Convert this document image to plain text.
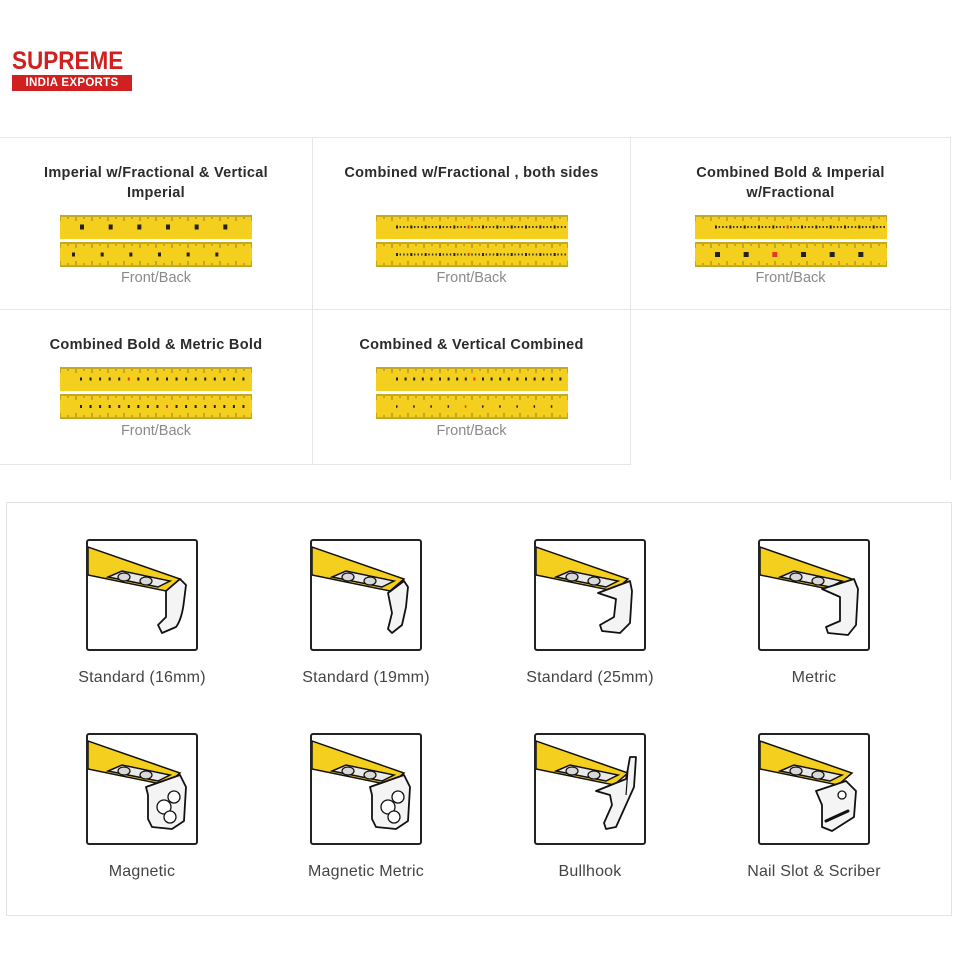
SUPREME
INDIA EXPORTS
Imperial w/Fractional & Vertical Imperial
Front/Back
Combined w/Fractional , both sides
Front/Back
Combined Bold & Imperial w/Fractional
Front/Back
Combined Bold & Metric Bold
Front/Back
Combined & Vertical Combined
Front/Back
Standard (16mm)	Standard (19mm)	Standard (25mm)	Metric
Magnetic	Magnetic Metric	Bullhook	Nail Slot & Scriber
